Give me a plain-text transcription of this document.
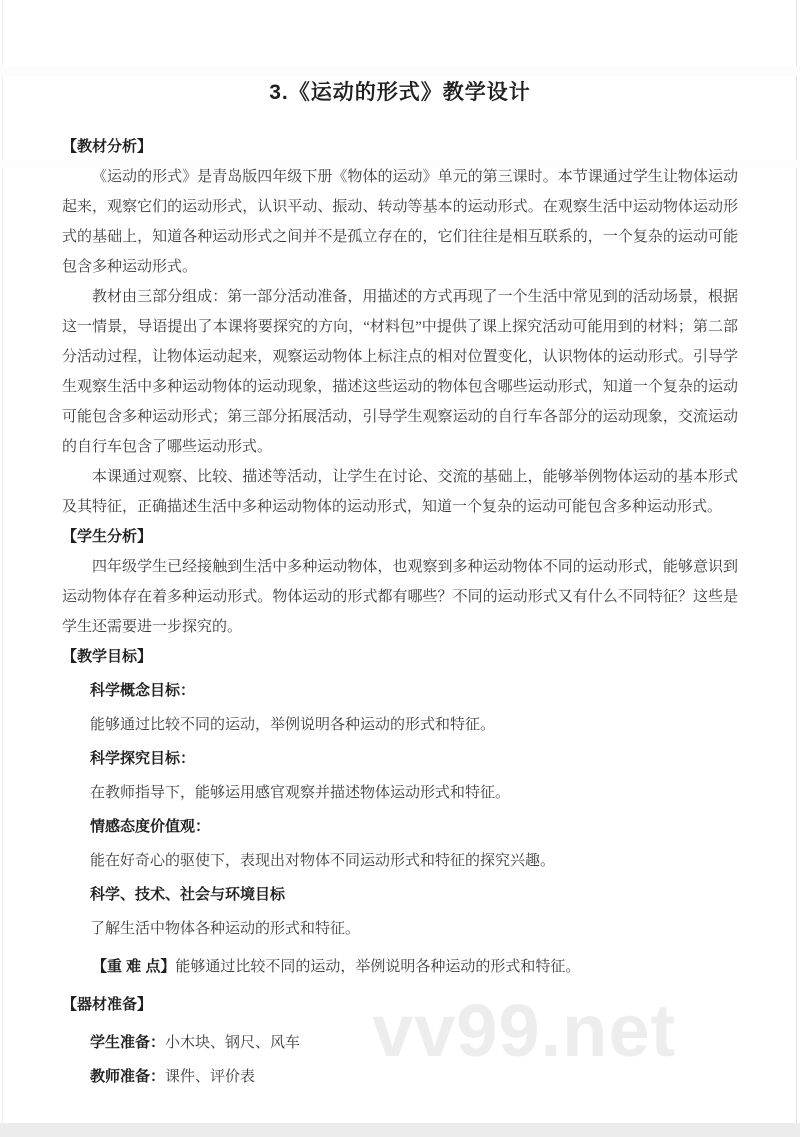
vv99.net
3.《运动的形式》教学设计
【教材分析】

《运动的形式》是青岛版四年级下册《物体的运动》单元的第三课时。本节课通过学生让物体运动起来，观察它们的运动形式，认识平动、振动、转动等基本的运动形式。在观察生活中运动物体运动形式的基础上，知道各种运动形式之间并不是孤立存在的，它们往往是相互联系的，一个复杂的运动可能包含多种运动形式。

教材由三部分组成：第一部分活动准备，用描述的方式再现了一个生活中常见到的活动场景，根据这一情景，导语提出了本课将要探究的方向，“材料包”中提供了课上探究活动可能用到的材料；第二部分活动过程，让物体运动起来，观察运动物体上标注点的相对位置变化，认识物体的运动形式。引导学生观察生活中多种运动物体的运动现象，描述这些运动的物体包含哪些运动形式，知道一个复杂的运动可能包含多种运动形式；第三部分拓展活动，引导学生观察运动的自行车各部分的运动现象，交流运动的自行车包含了哪些运动形式。

本课通过观察、比较、描述等活动，让学生在讨论、交流的基础上，能够举例物体运动的基本形式及其特征，正确描述生活中多种运动物体的运动形式，知道一个复杂的运动可能包含多种运动形式。

【学生分析】

四年级学生已经接触到生活中多种运动物体，也观察到多种运动物体不同的运动形式，能够意识到运动物体存在着多种运动形式。物体运动的形式都有哪些？不同的运动形式又有什么不同特征？这些是学生还需要进一步探究的。

【教学目标】
科学概念目标：
能够通过比较不同的运动，举例说明各种运动的形式和特征。
科学探究目标：
在教师指导下，能够运用感官观察并描述物体运动形式和特征。
情感态度价值观：
能在好奇心的驱使下，表现出对物体不同运动形式和特征的探究兴趣。
科学、技术、社会与环境目标
了解生活中物体各种运动的形式和特征。

【重 难 点】能够通过比较不同的运动，举例说明各种运动的形式和特征。

【器材准备】

学生准备：小木块、钢尺、风车

教师准备：课件、评价表
